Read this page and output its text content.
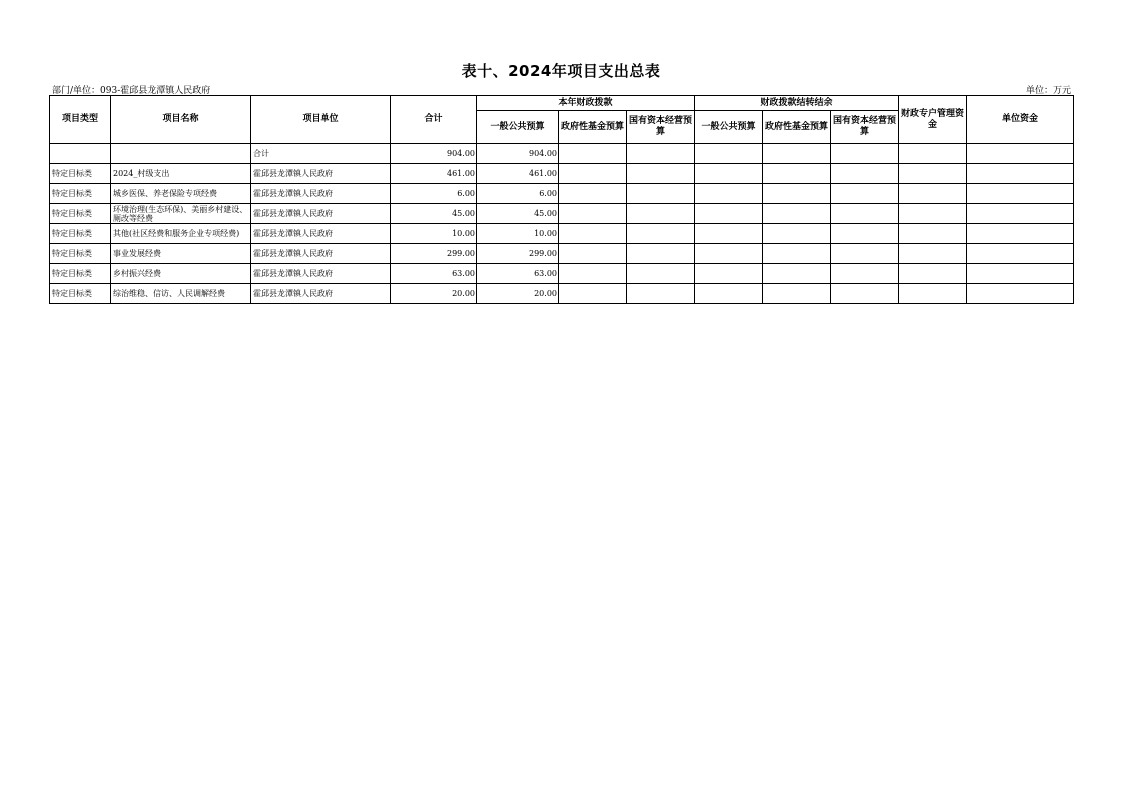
表十、2024年项目支出总表
部门/单位：093-霍邱县龙潭镇人民政府	单位：万元
项目类型	项目名称	项目单位	合计	本年财政拨款			财政拨款结转结余			财政专户管理资金	单位资金
				一般公共预算	政府性基金预算	国有资本经营预算	一般公共预算	政府性基金预算	国有资本经营预算		
		合计	904.00	904.00							
特定目标类	2024_村级支出	霍邱县龙潭镇人民政府	461.00	461.00							
特定目标类	城乡医保、养老保险专项经费	霍邱县龙潭镇人民政府	6.00	6.00							
特定目标类	环境治理(生态环保)、美丽乡村建设、厕改等经费	霍邱县龙潭镇人民政府	45.00	45.00							
特定目标类	其他(社区经费和服务企业专项经费)	霍邱县龙潭镇人民政府	10.00	10.00							
特定目标类	事业发展经费	霍邱县龙潭镇人民政府	299.00	299.00							
特定目标类	乡村振兴经费	霍邱县龙潭镇人民政府	63.00	63.00							
特定目标类	综治维稳、信访、人民调解经费	霍邱县龙潭镇人民政府	20.00	20.00							
